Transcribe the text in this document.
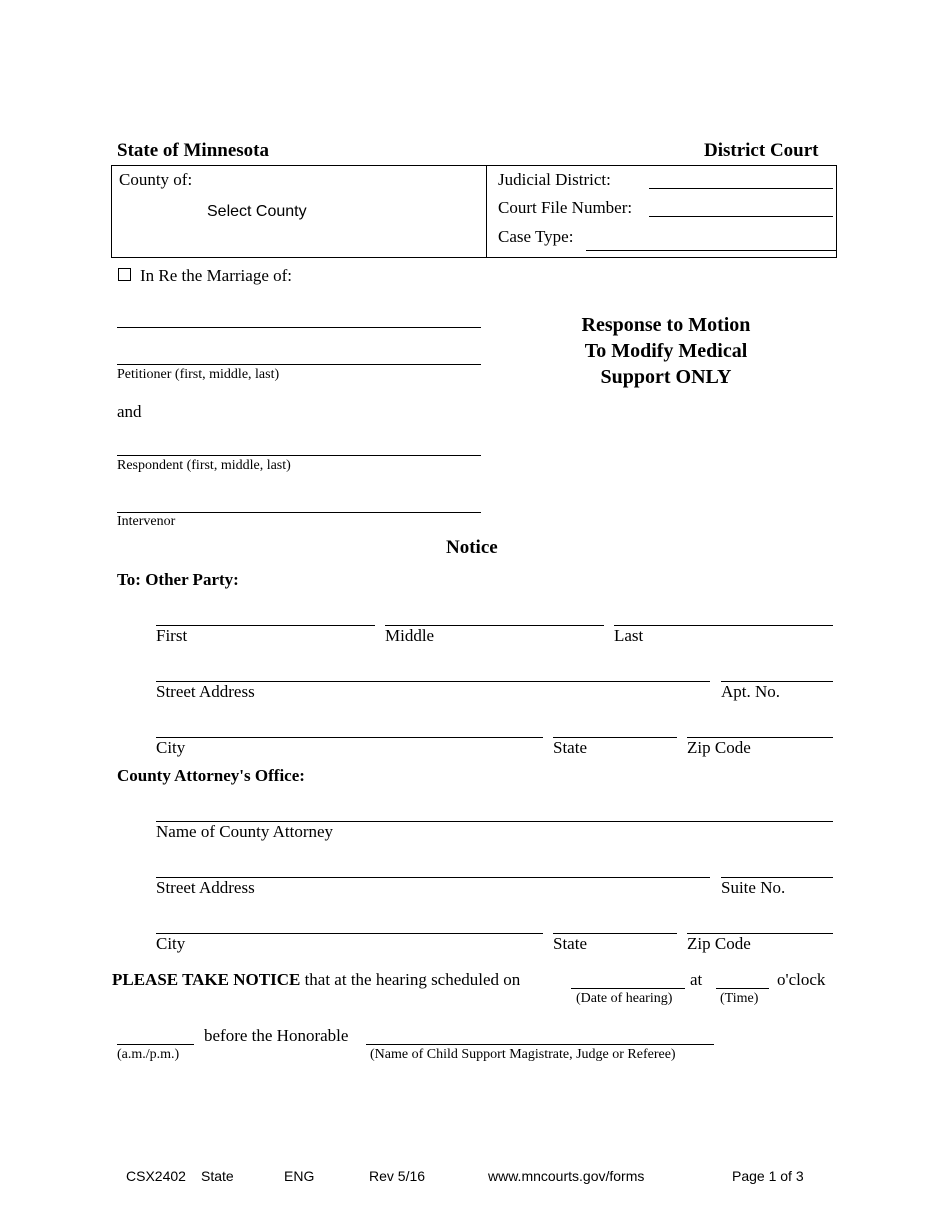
State of Minnesota	District Court
County of:
Select County
Judicial District:
Court File Number:
Case Type:
In Re the Marriage of:
Petitioner (first, middle, last)
and
Respondent (first, middle, last)
Intervenor
Response to Motion
To Modify Medical
Support ONLY
Notice
To: Other Party:
First	Middle	Last
Street Address	Apt. No.
City	State	Zip Code
County Attorney's Office:
Name of County Attorney
Street Address	Suite No.
City	State	Zip Code
PLEASE TAKE NOTICE that at the hearing scheduled on
(Date of hearing)
at
(Time)
o'clock
(a.m./p.m.)
before the Honorable
(Name of Child Support Magistrate, Judge or Referee)
CSX2402 State	ENG	Rev 5/16	www.mncourts.gov/forms	Page 1 of 3
